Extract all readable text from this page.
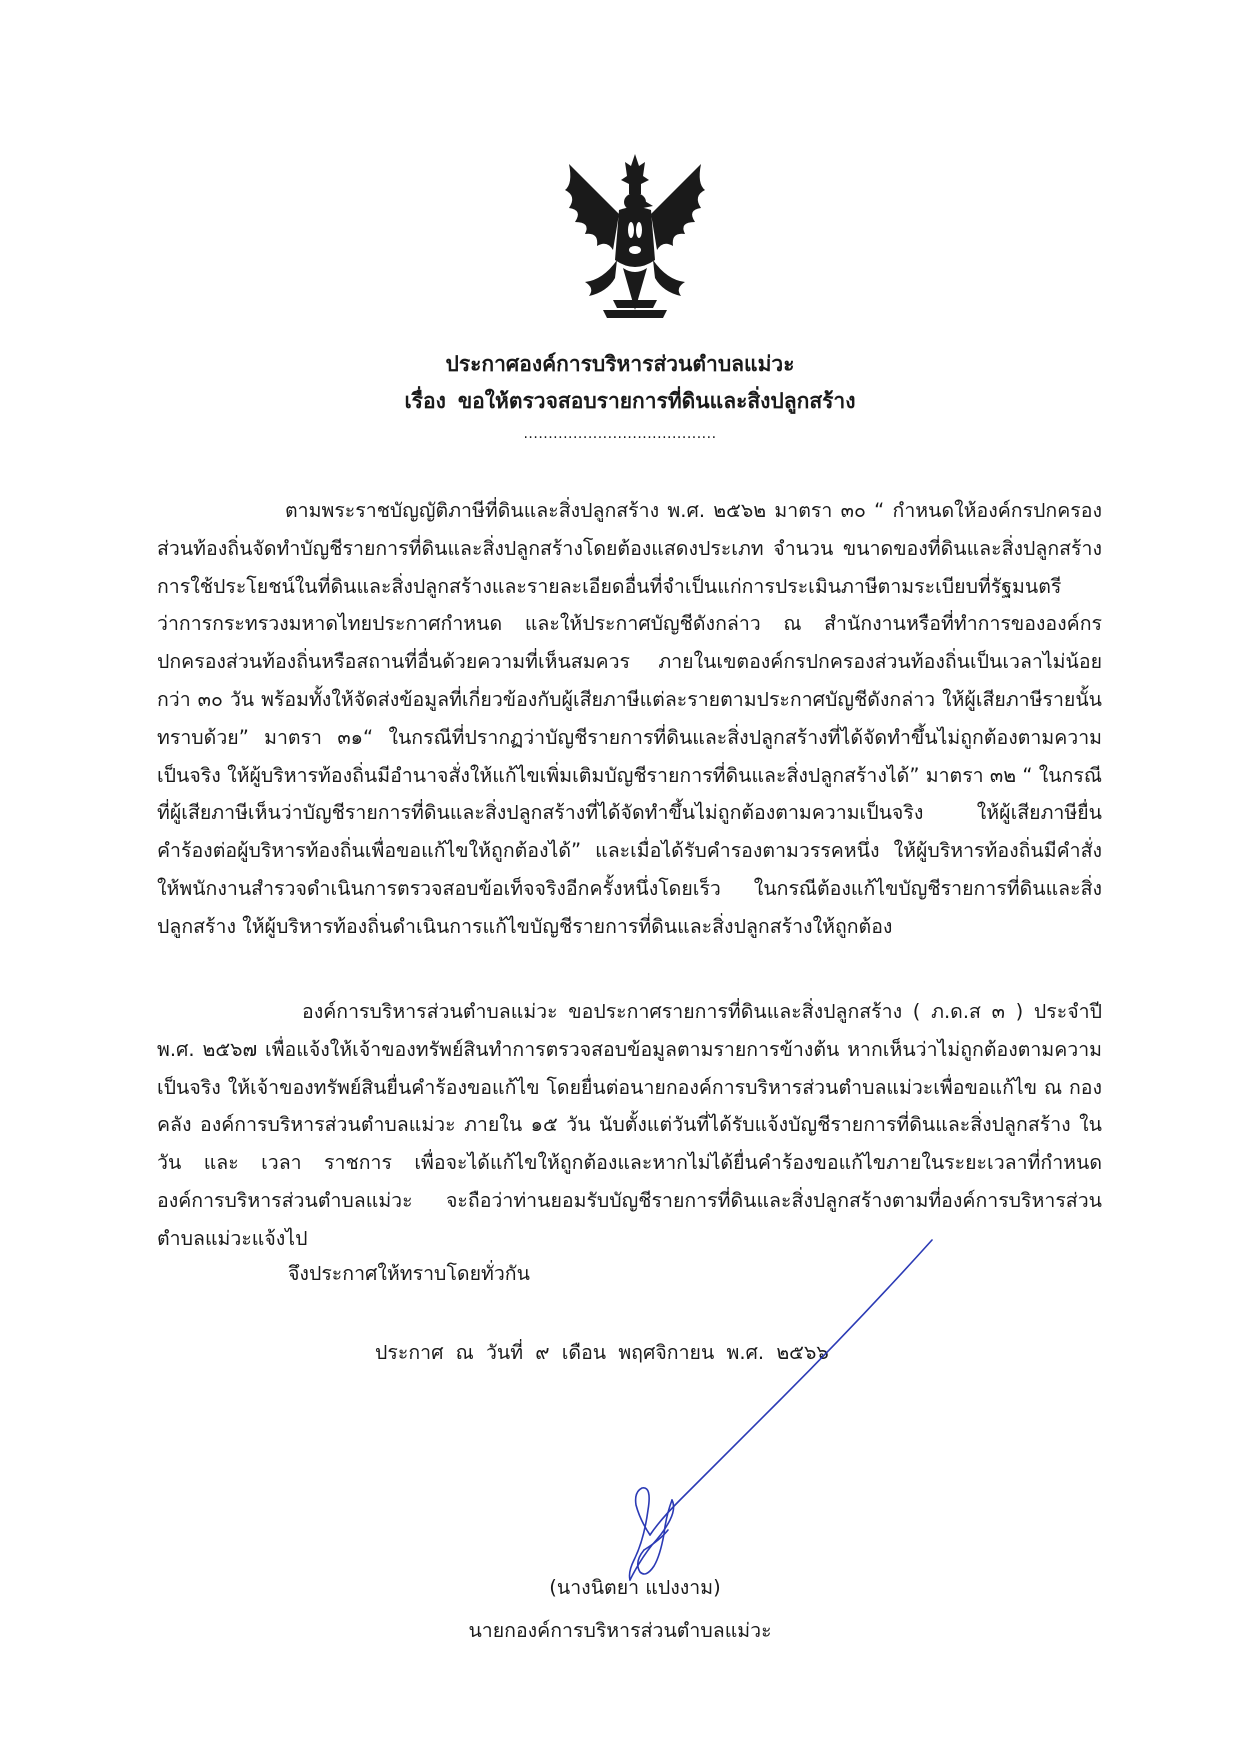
ประกาศองค์การบริหารส่วนตำบลแม่วะ
เรื่อง ขอให้ตรวจสอบรายการที่ดินและสิ่งปลูกสร้าง
.......................................

ตามพระราชบัญญัติภาษีที่ดินและสิ่งปลูกสร้าง พ.ศ. ๒๕๖๒ มาตรา ๓๐ “ กำหนดให้องค์กรปกครองส่วนท้องถิ่นจัดทำบัญชีรายการที่ดินและสิ่งปลูกสร้างโดยต้องแสดงประเภท จำนวน ขนาดของที่ดินและสิ่งปลูกสร้าง การใช้ประโยชน์ในที่ดินและสิ่งปลูกสร้างและรายละเอียดอื่นที่จำเป็นแก่การประเมินภาษีตามระเบียบที่รัฐมนตรีว่าการกระทรวงมหาดไทยประกาศกำหนด และให้ประกาศบัญชีดังกล่าว ณ สำนักงานหรือที่ทำการขององค์กรปกครองส่วนท้องถิ่นหรือสถานที่อื่นด้วยความที่เห็นสมควร ภายในเขตองค์กรปกครองส่วนท้องถิ่นเป็นเวลาไม่น้อยกว่า ๓๐ วัน พร้อมทั้งให้จัดส่งข้อมูลที่เกี่ยวข้องกับผู้เสียภาษีแต่ละรายตามประกาศบัญชีดังกล่าว ให้ผู้เสียภาษีรายนั้นทราบด้วย” มาตรา ๓๑“ ในกรณีที่ปรากฏว่าบัญชีรายการที่ดินและสิ่งปลูกสร้างที่ได้จัดทำขึ้นไม่ถูกต้องตามความเป็นจริง ให้ผู้บริหารท้องถิ่นมีอำนาจสั่งให้แก้ไขเพิ่มเติมบัญชีรายการที่ดินและสิ่งปลูกสร้างได้” มาตรา ๓๒ “ ในกรณีที่ผู้เสียภาษีเห็นว่าบัญชีรายการที่ดินและสิ่งปลูกสร้างที่ได้จัดทำขึ้นไม่ถูกต้องตามความเป็นจริง ให้ผู้เสียภาษียื่นคำร้องต่อผู้บริหารท้องถิ่นเพื่อขอแก้ไขให้ถูกต้องได้” และเมื่อได้รับคำรองตามวรรคหนึ่ง ให้ผู้บริหารท้องถิ่นมีคำสั่งให้พนักงานสำรวจดำเนินการตรวจสอบข้อเท็จจริงอีกครั้งหนึ่งโดยเร็ว ในกรณีต้องแก้ไขบัญชีรายการที่ดินและสิ่งปลูกสร้าง ให้ผู้บริหารท้องถิ่นดำเนินการแก้ไขบัญชีรายการที่ดินและสิ่งปลูกสร้างให้ถูกต้อง

องค์การบริหารส่วนตำบลแม่วะ ขอประกาศรายการที่ดินและสิ่งปลูกสร้าง ( ภ.ด.ส ๓ ) ประจำปี พ.ศ. ๒๕๖๗ เพื่อแจ้งให้เจ้าของทรัพย์สินทำการตรวจสอบข้อมูลตามรายการข้างต้น หากเห็นว่าไม่ถูกต้องตามความเป็นจริง ให้เจ้าของทรัพย์สินยื่นคำร้องขอแก้ไข โดยยื่นต่อนายกองค์การบริหารส่วนตำบลแม่วะเพื่อขอแก้ไข ณ กองคลัง องค์การบริหารส่วนตำบลแม่วะ ภายใน ๑๕ วัน นับตั้งแต่วันที่ได้รับแจ้งบัญชีรายการที่ดินและสิ่งปลูกสร้าง ในวัน และ เวลา ราชการ เพื่อจะได้แก้ไขให้ถูกต้องและหากไม่ได้ยื่นคำร้องขอแก้ไขภายในระยะเวลาที่กำหนด องค์การบริหารส่วนตำบลแม่วะ จะถือว่าท่านยอมรับบัญชีรายการที่ดินและสิ่งปลูกสร้างตามที่องค์การบริหารส่วนตำบลแม่วะแจ้งไป

จึงประกาศให้ทราบโดยทั่วกัน
ประกาศ ณ วันที่ ๙ เดือน พฤศจิกายน พ.ศ. ๒๕๖๖
(นางนิตยา แปงงาม)
นายกองค์การบริหารส่วนตำบลแม่วะ
